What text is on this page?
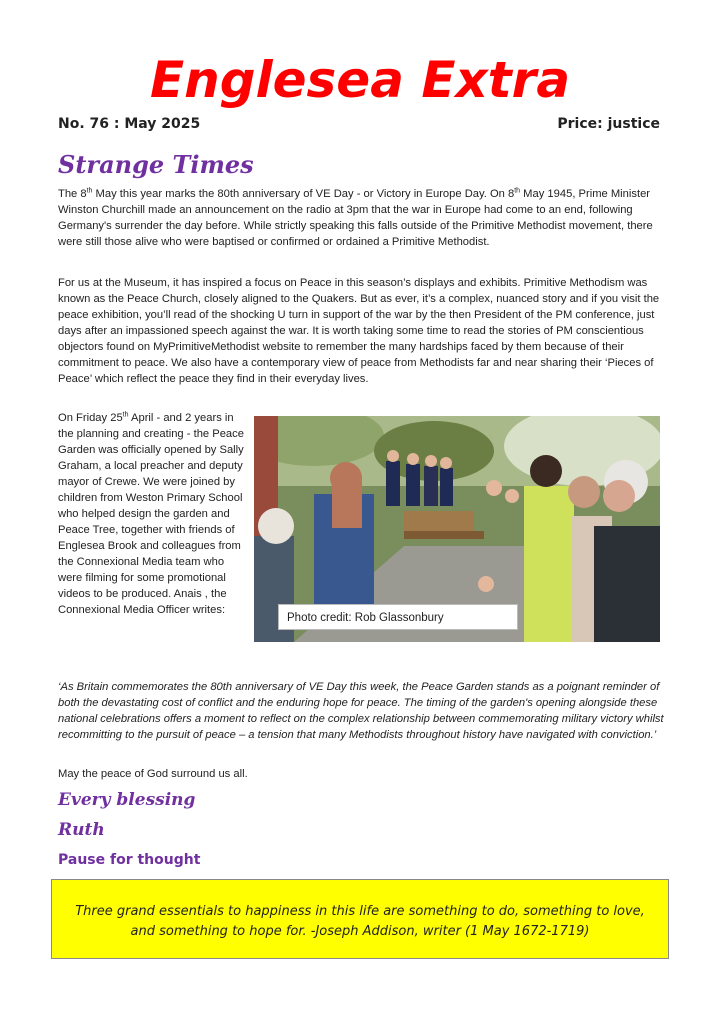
Englesea Extra
No. 76 : May 2025	Price: justice
Strange Times
The 8th May this year marks the 80th anniversary of VE Day - or Victory in Europe Day. On 8th May 1945, Prime Minister Winston Churchill made an announcement on the radio at 3pm that the war in Europe had come to an end, following Germany's surrender the day before. While strictly speaking this falls outside of the Primitive Methodist movement, there were still those alive who were baptised or confirmed or ordained a Primitive Methodist.
For us at the Museum, it has inspired a focus on Peace in this season’s displays and exhibits. Primitive Methodism was known as the Peace Church, closely aligned to the Quakers. But as ever, it’s a complex, nuanced story and if you visit the peace exhibition, you’ll read of the shocking U turn in support of the war by the then President of the PM conference, just days after an impassioned speech against the war. It is worth taking some time to read the stories of PM conscientious objectors found on MyPrimitiveMethodist website to remember the many hardships faced by them because of their commitment to peace. We also have a contemporary view of peace from Methodists far and near sharing their ‘Pieces of Peace’ which reflect the peace they find in their everyday lives.
On Friday 25th April - and 2 years in the planning and creating - the Peace Garden was officially opened by Sally Graham, a local preacher and deputy mayor of Crewe. We were joined by children from Weston Primary School who helped design the garden and Peace Tree, together with friends of Englesea Brook and colleagues from the Connexional Media team who were filming for some promotional videos to be produced. Anais , the Connexional Media Officer writes:
Photo credit: Rob Glassonbury
‘As Britain commemorates the 80th anniversary of VE Day this week, the Peace Garden stands as a poignant reminder of both the devastating cost of conflict and the enduring hope for peace. The timing of the garden's opening alongside these national celebrations offers a moment to reflect on the complex relationship between commemorating military victory whilst recommitting to the pursuit of peace – a tension that many Methodists throughout history have navigated with conviction.’
May the peace of God surround us all.
Every blessing
Ruth
Pause for thought
Three grand essentials to happiness in this life are something to do, something to love, and something to hope for. -Joseph Addison, writer (1 May 1672-1719)
